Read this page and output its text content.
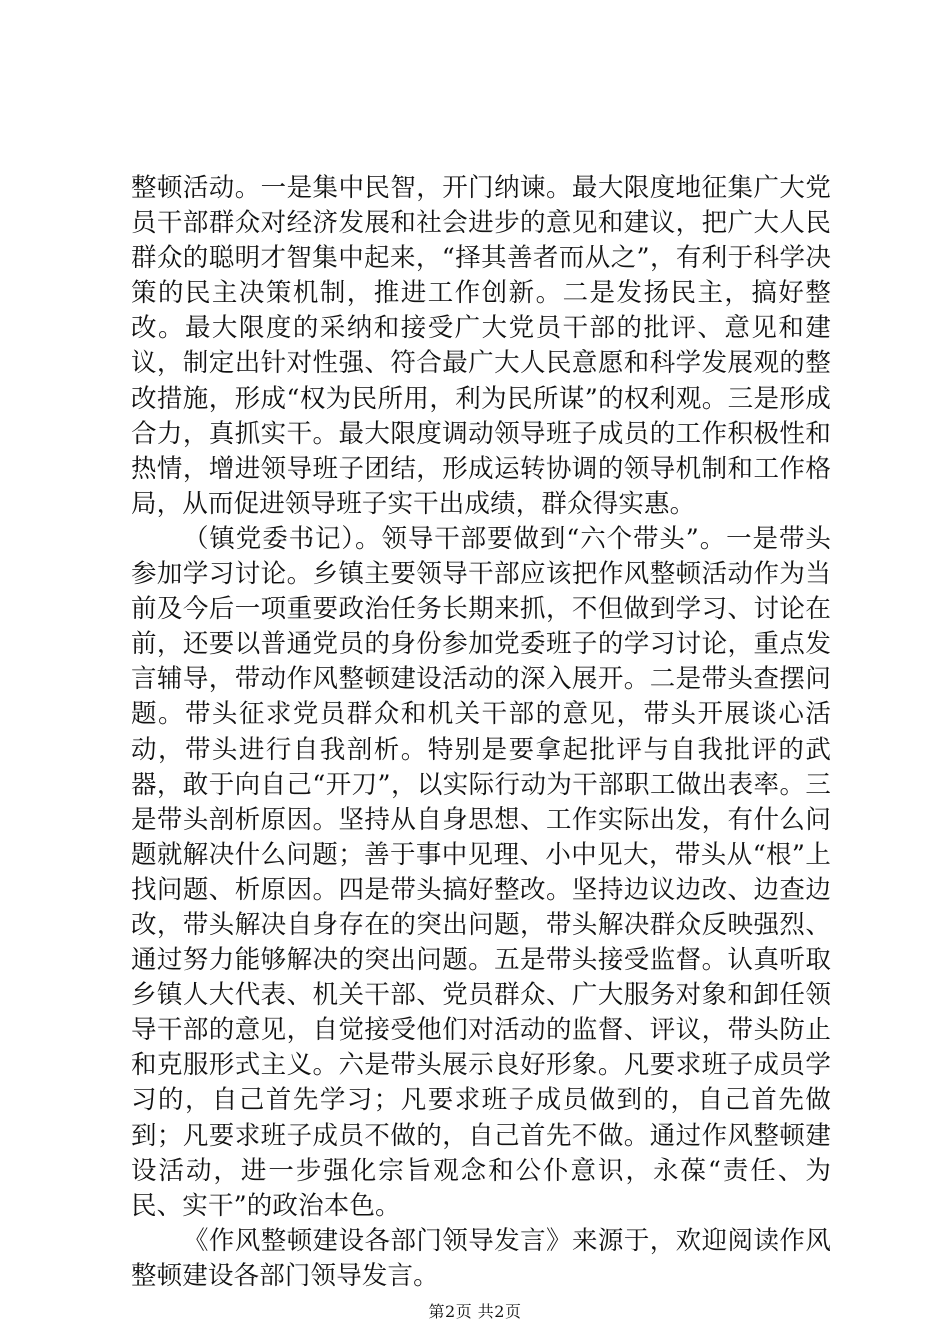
整顿活动。一是集中民智，开门纳谏。最大限度地征集广大党员干部群众对经济发展和社会进步的意见和建议，把广大人民群众的聪明才智集中起来，“择其善者而从之”，有利于科学决策的民主决策机制，推进工作创新。二是发扬民主，搞好整改。最大限度的采纳和接受广大党员干部的批评、意见和建议，制定出针对性强、符合最广大人民意愿和科学发展观的整改措施，形成“权为民所用，利为民所谋”的权利观。三是形成合力，真抓实干。最大限度调动领导班子成员的工作积极性和热情，增进领导班子团结，形成运转协调的领导机制和工作格局，从而促进领导班子实干出成绩，群众得实惠。

（镇党委书记）。领导干部要做到“六个带头”。一是带头参加学习讨论。乡镇主要领导干部应该把作风整顿活动作为当前及今后一项重要政治任务长期来抓，不但做到学习、讨论在前，还要以普通党员的身份参加党委班子的学习讨论，重点发言辅导，带动作风整顿建设活动的深入展开。二是带头查摆问题。带头征求党员群众和机关干部的意见，带头开展谈心活动，带头进行自我剖析。特别是要拿起批评与自我批评的武器，敢于向自己“开刀”，以实际行动为干部职工做出表率。三是带头剖析原因。坚持从自身思想、工作实际出发，有什么问题就解决什么问题；善于事中见理、小中见大，带头从“根”上找问题、析原因。四是带头搞好整改。坚持边议边改、边查边改，带头解决自身存在的突出问题，带头解决群众反映强烈、通过努力能够解决的突出问题。五是带头接受监督。认真听取乡镇人大代表、机关干部、党员群众、广大服务对象和卸任领导干部的意见，自觉接受他们对活动的监督、评议，带头防止和克服形式主义。六是带头展示良好形象。凡要求班子成员学习的，自己首先学习；凡要求班子成员做到的，自己首先做到；凡要求班子成员不做的，自己首先不做。通过作风整顿建设活动，进一步强化宗旨观念和公仆意识，永葆“责任、为民、实干”的政治本色。

《作风整顿建设各部门领导发言》来源于，欢迎阅读作风整顿建设各部门领导发言。

第2页 共2页
